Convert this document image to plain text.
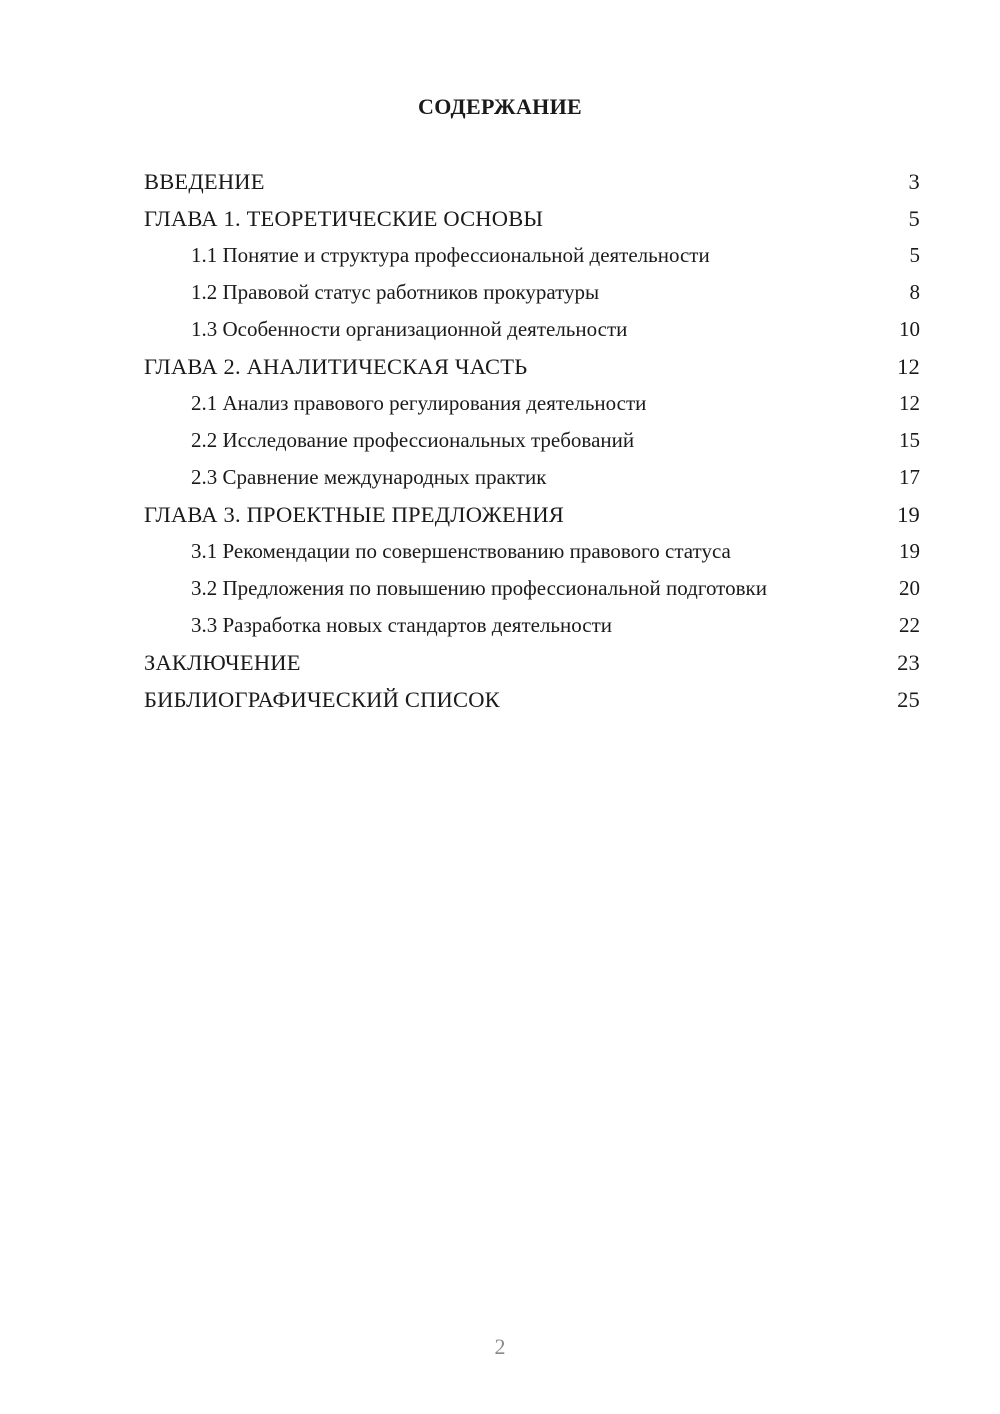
СОДЕРЖАНИЕ
ВВЕДЕНИЕ	3
ГЛАВА 1. ТЕОРЕТИЧЕСКИЕ ОСНОВЫ	5
1.1 Понятие и структура профессиональной деятельности	5
1.2 Правовой статус работников прокуратуры	8
1.3 Особенности организационной деятельности	10
ГЛАВА 2. АНАЛИТИЧЕСКАЯ ЧАСТЬ	12
2.1 Анализ правового регулирования деятельности	12
2.2 Исследование профессиональных требований	15
2.3 Сравнение международных практик	17
ГЛАВА 3. ПРОЕКТНЫЕ ПРЕДЛОЖЕНИЯ	19
3.1 Рекомендации по совершенствованию правового статуса	19
3.2 Предложения по повышению профессиональной подготовки	20
3.3 Разработка новых стандартов деятельности	22
ЗАКЛЮЧЕНИЕ	23
БИБЛИОГРАФИЧЕСКИЙ СПИСОК	25
2
